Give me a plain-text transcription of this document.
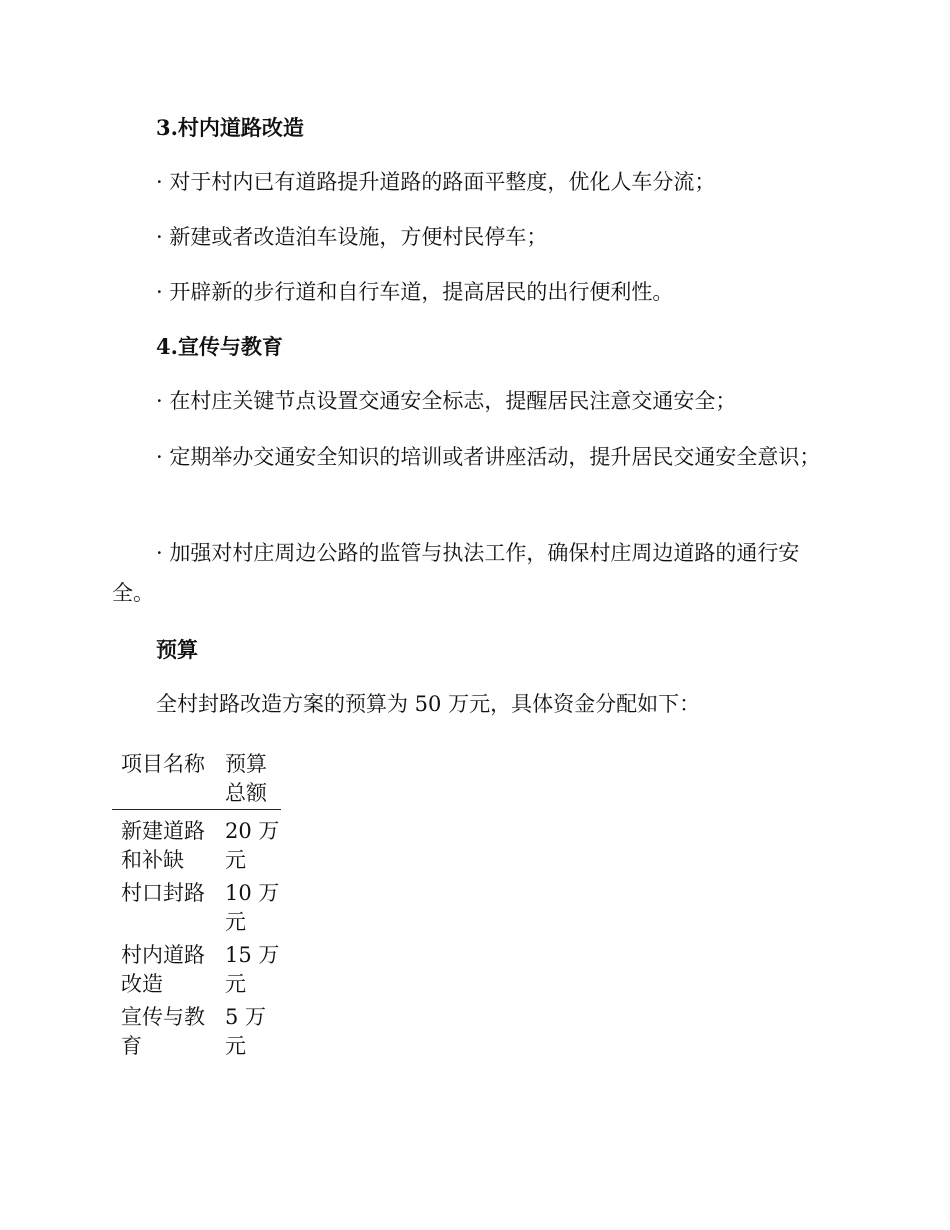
3.村内道路改造
· 对于村内已有道路提升道路的路面平整度，优化人车分流；
· 新建或者改造泊车设施，方便村民停车；
· 开辟新的步行道和自行车道，提高居民的出行便利性。
4.宣传与教育
· 在村庄关键节点设置交通安全标志，提醒居民注意交通安全；
· 定期举办交通安全知识的培训或者讲座活动，提升居民交通安全意识；
· 加强对村庄周边公路的监管与执法工作，确保村庄周边道路的通行安全。
预算
全村封路改造方案的预算为 50 万元，具体资金分配如下：
项目名称	预算总额
新建道路和补缺	20 万元
村口封路	10 万元
村内道路改造	15 万元
宣传与教育	5 万元
